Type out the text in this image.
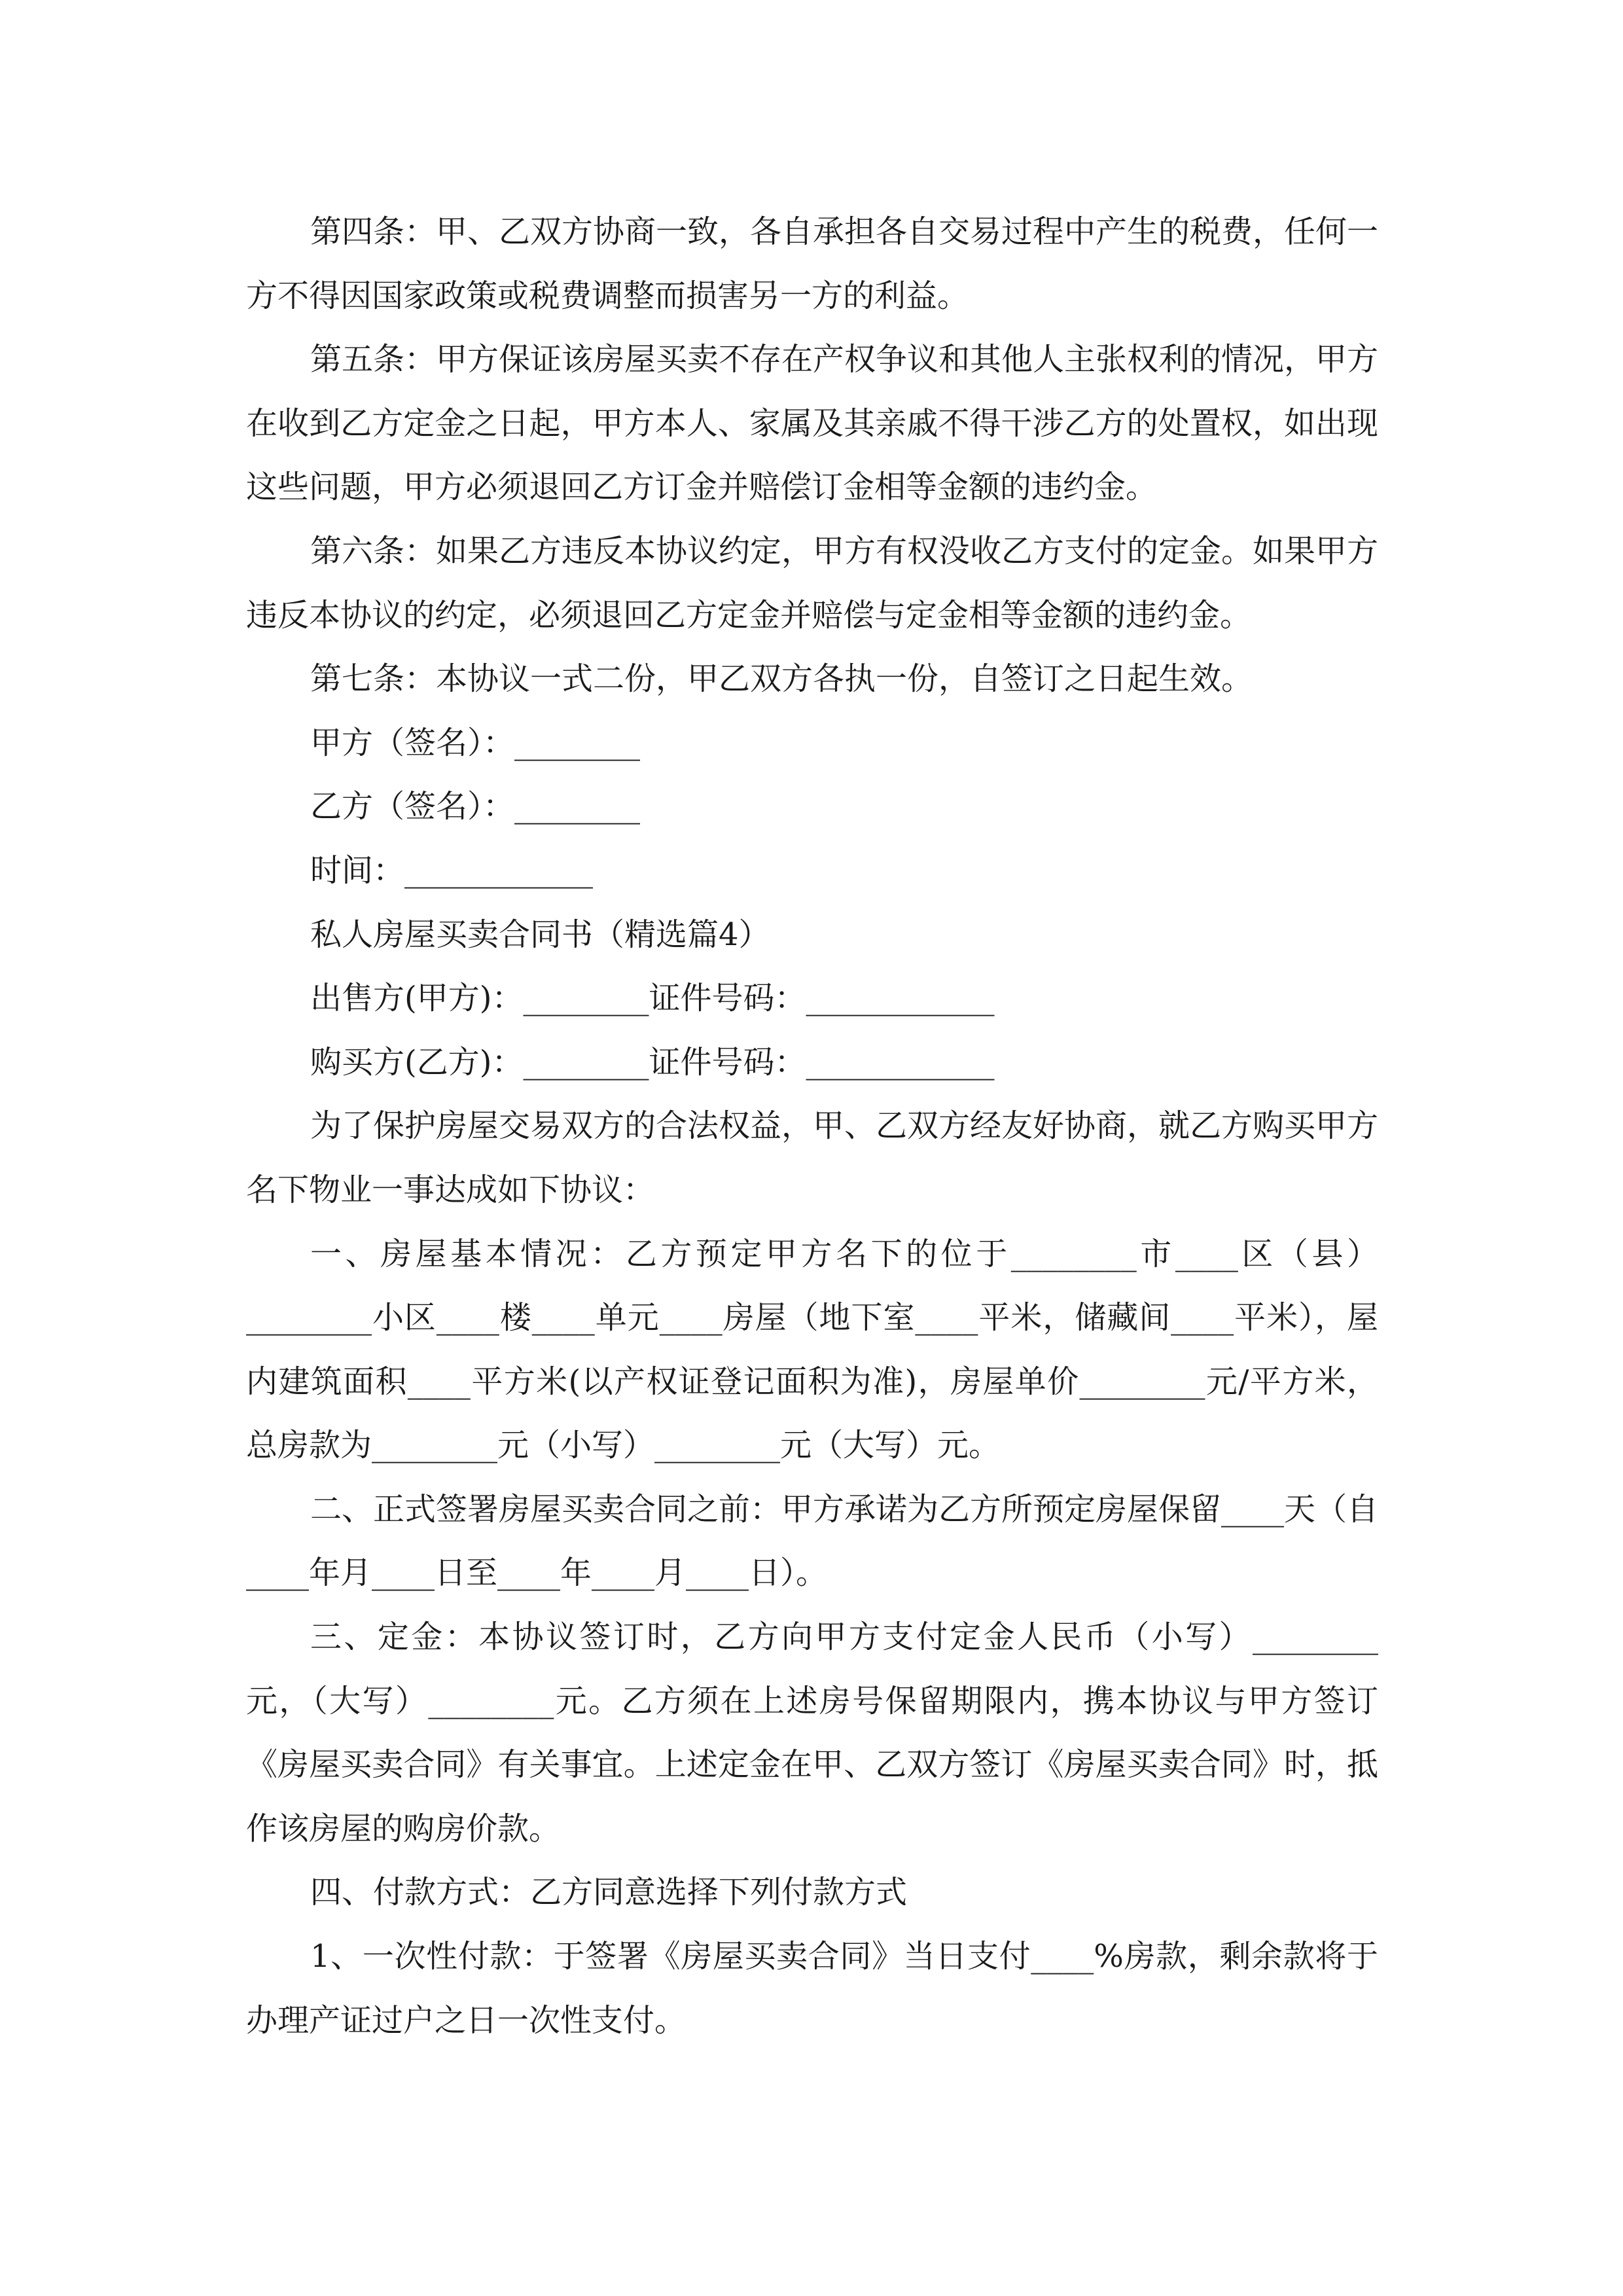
第四条：甲、乙双方协商一致，各自承担各自交易过程中产生的税费，任何一方不得因国家政策或税费调整而损害另一方的利益。

第五条：甲方保证该房屋买卖不存在产权争议和其他人主张权利的情况，甲方在收到乙方定金之日起，甲方本人、家属及其亲戚不得干涉乙方的处置权，如出现这些问题，甲方必须退回乙方订金并赔偿订金相等金额的违约金。

第六条：如果乙方违反本协议约定，甲方有权没收乙方支付的定金。如果甲方违反本协议的约定，必须退回乙方定金并赔偿与定金相等金额的违约金。

第七条：本协议一式二份，甲乙双方各执一份，自签订之日起生效。

甲方（签名）：________

乙方（签名）：________

时间：____________

私人房屋买卖合同书（精选篇4）

出售方(甲方)：________证件号码：____________

购买方(乙方)：________证件号码：____________

为了保护房屋交易双方的合法权益，甲、乙双方经友好协商，就乙方购买甲方名下物业一事达成如下协议：

一、房屋基本情况：乙方预定甲方名下的位于________市____区（县）________小区____楼____单元____房屋（地下室____平米，储藏间____平米），屋内建筑面积____平方米(以产权证登记面积为准)，房屋单价________元/平方米，总房款为________元（小写）________元（大写）元。

二、正式签署房屋买卖合同之前：甲方承诺为乙方所预定房屋保留____天（自____年月____日至____年____月____日）。

三、定金：本协议签订时，乙方向甲方支付定金人民币（小写）________元，（大写）________元。乙方须在上述房号保留期限内，携本协议与甲方签订《房屋买卖合同》有关事宜。上述定金在甲、乙双方签订《房屋买卖合同》时，抵作该房屋的购房价款。

四、付款方式：乙方同意选择下列付款方式

1、一次性付款：于签署《房屋买卖合同》当日支付____%房款，剩余款将于办理产证过户之日一次性支付。
